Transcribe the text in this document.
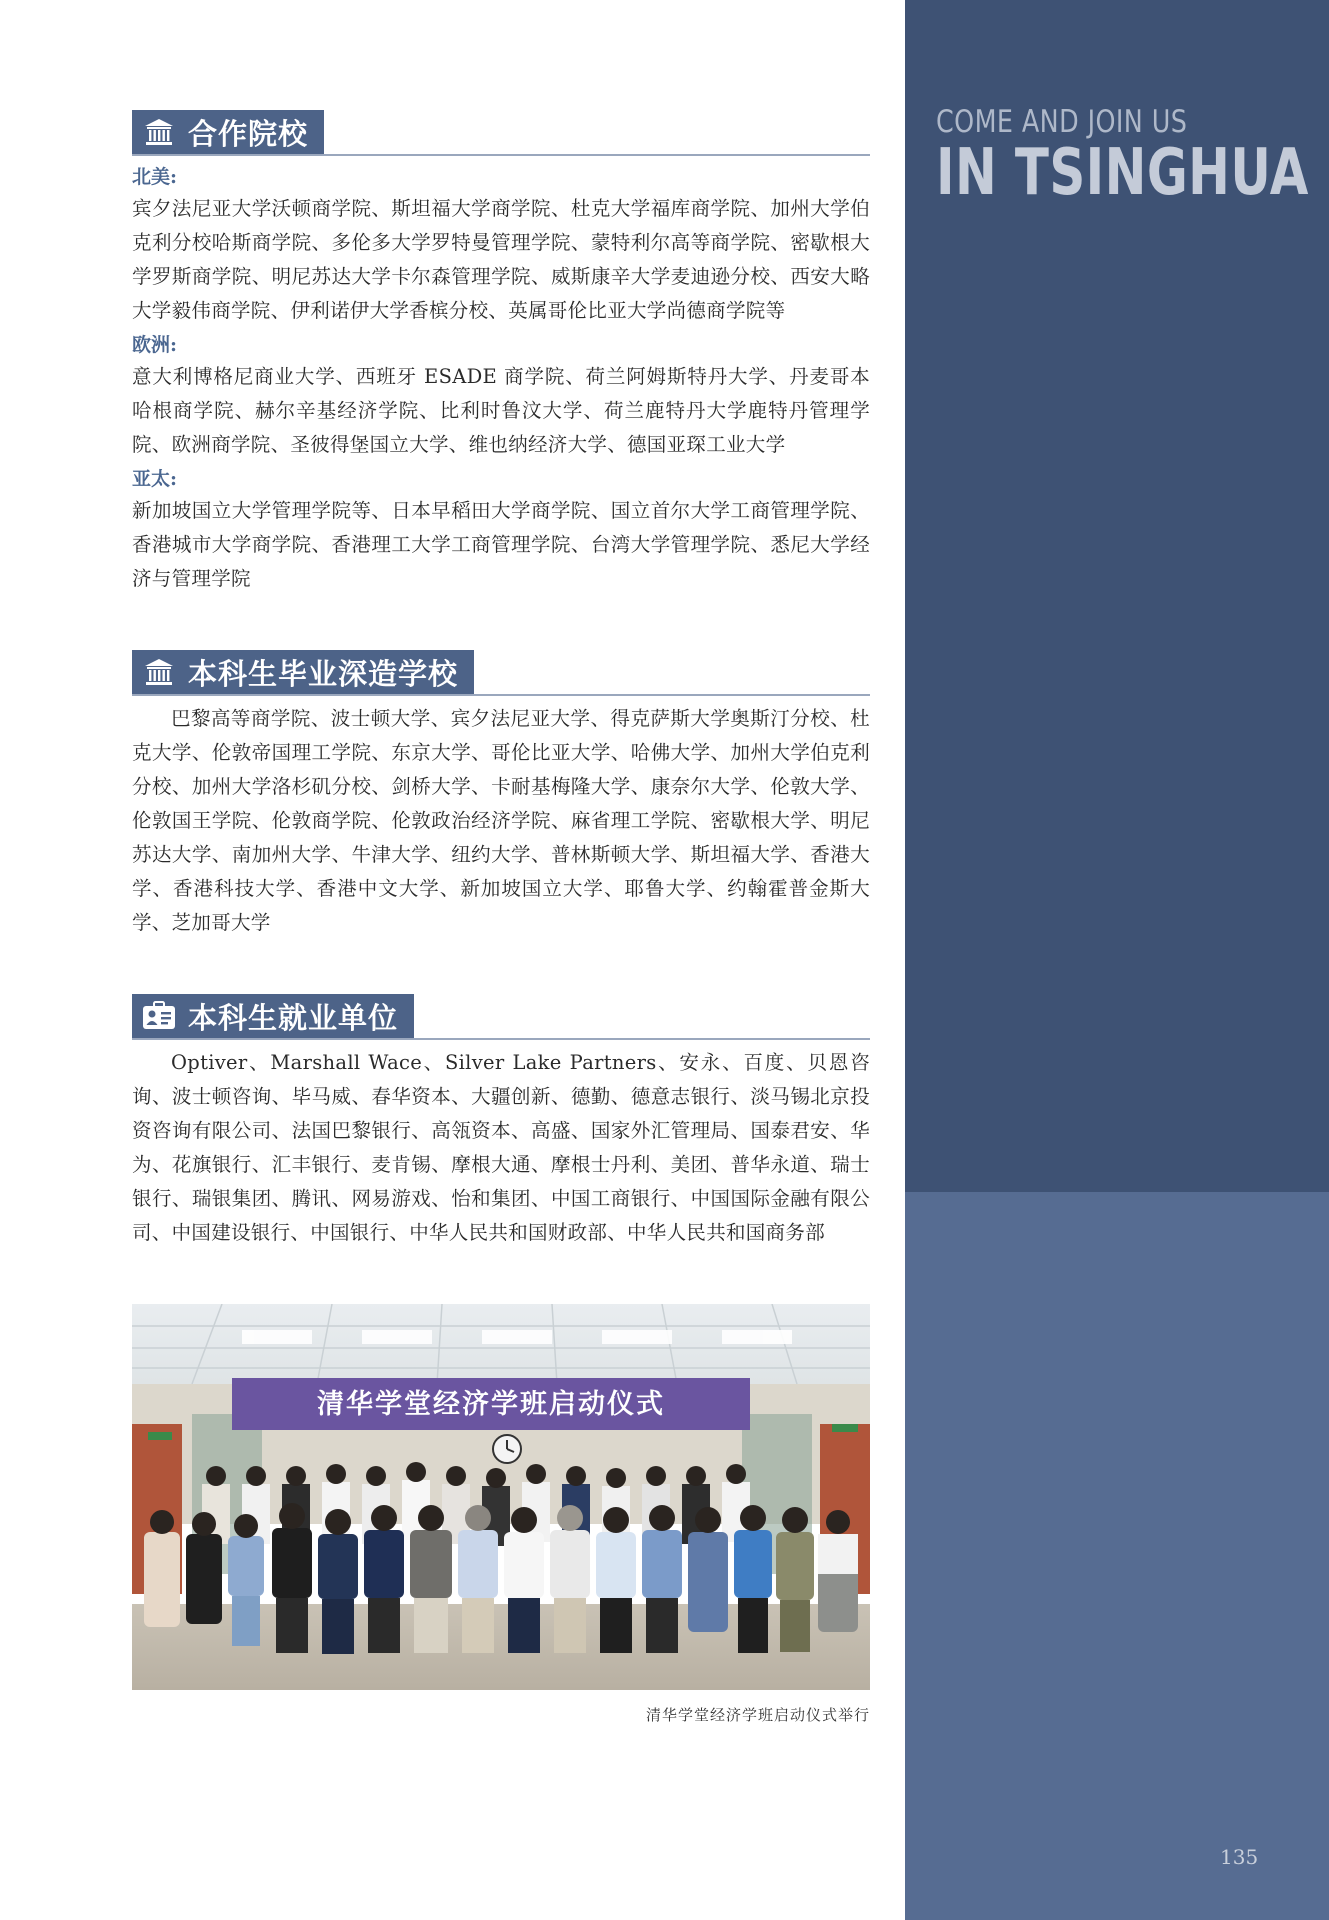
COME AND JOIN US
IN TSINGHUA
135
合作院校
北美:
宾夕法尼亚大学沃顿商学院、斯坦福大学商学院、杜克大学福库商学院、加州大学伯克利分校哈斯商学院、多伦多大学罗特曼管理学院、蒙特利尔高等商学院、密歇根大学罗斯商学院、明尼苏达大学卡尔森管理学院、威斯康辛大学麦迪逊分校、西安大略大学毅伟商学院、伊利诺伊大学香槟分校、英属哥伦比亚大学尚德商学院等
欧洲:
意大利博格尼商业大学、西班牙 ESADE 商学院、荷兰阿姆斯特丹大学、丹麦哥本哈根商学院、赫尔辛基经济学院、比利时鲁汶大学、荷兰鹿特丹大学鹿特丹管理学院、欧洲商学院、圣彼得堡国立大学、维也纳经济大学、德国亚琛工业大学
亚太:
新加坡国立大学管理学院等、日本早稻田大学商学院、国立首尔大学工商管理学院、香港城市大学商学院、香港理工大学工商管理学院、台湾大学管理学院、悉尼大学经济与管理学院
本科生毕业深造学校
巴黎高等商学院、波士顿大学、宾夕法尼亚大学、得克萨斯大学奥斯汀分校、杜克大学、伦敦帝国理工学院、东京大学、哥伦比亚大学、哈佛大学、加州大学伯克利分校、加州大学洛杉矶分校、剑桥大学、卡耐基梅隆大学、康奈尔大学、伦敦大学、伦敦国王学院、伦敦商学院、伦敦政治经济学院、麻省理工学院、密歇根大学、明尼苏达大学、南加州大学、牛津大学、纽约大学、普林斯顿大学、斯坦福大学、香港大学、香港科技大学、香港中文大学、新加坡国立大学、耶鲁大学、约翰霍普金斯大学、芝加哥大学
本科生就业单位
Optiver、Marshall Wace、Silver Lake Partners、安永、百度、贝恩咨询、波士顿咨询、毕马威、春华资本、大疆创新、德勤、德意志银行、淡马锡北京投资咨询有限公司、法国巴黎银行、高瓴资本、高盛、国家外汇管理局、国泰君安、华为、花旗银行、汇丰银行、麦肯锡、摩根大通、摩根士丹利、美团、普华永道、瑞士银行、瑞银集团、腾讯、网易游戏、怡和集团、中国工商银行、中国国际金融有限公司、中国建设银行、中国银行、中华人民共和国财政部、中华人民共和国商务部
清华学堂经济学班启动仪式
清华学堂经济学班启动仪式举行
